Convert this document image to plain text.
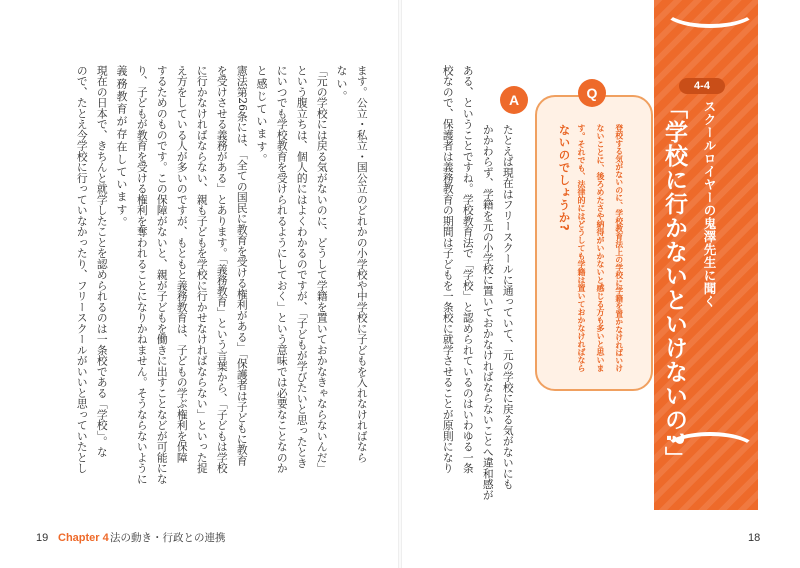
4-4
スクールロイヤーの鬼澤先生に聞く
「学校に行かないといけないの?」
Q
登校する気がないのに、学校教育法上の学校に学籍を置かなければいけ
ないことに、後ろめたさや納得がいかないと感じる方も多いと思いま
す。それでも、法律的にはどうしても学籍は置いておかなければなら
ないのでしょうか?
A
たとえば現在はフリースクールに通っていて、元の学校に戻る気がないにも
かかわらず、学籍を元の小学校に置いておかなければならないことへ違和感が
ある、ということですね。学校教育法で「学校」と認められているのはいわゆる一条
校なので、保護者は義務教育の期間は子どもを一条校に就学させることが原則になり
ます。公立・私立・国公立のどれかの小学校や中学校に子どもを入れなければなら
ない。
「元の学校には戻る気がないのに、どうして学籍を置いておかなきゃならないんだ」
という腹立ちは、個人的にはよくわかるのですが、「子どもが学びたいと思ったとき
にいつでも学校教育を受けられるようにしておく」という意味では必要なことなのか
と感じています。
憲法第26条には、「全ての国民に教育を受ける権利がある」「保護者は子どもに教育
を受けさせる義務がある」とあります。「義務教育」という言葉から、「子どもは学校
に行かなければならない、親も子どもを学校に行かせなければならない」といった捉
え方をしている人が多いのですが、もともと義務教育は、子どもの学ぶ権利を保障
するためのものです。この保障がないと、親が子どもを働きに出すことなどが可能にな
り、子どもが教育を受ける権利を奪われることになりかねません。そうならないように
義務教育が存在しています。
現在の日本で、きちんと就学したことを認められるのは一条校である「学校」。な
ので、たとえ今学校に行っていなかったり、フリースクールがいいと思っていたとし
19 Chapter 4 法の動き・行政との連携	18
